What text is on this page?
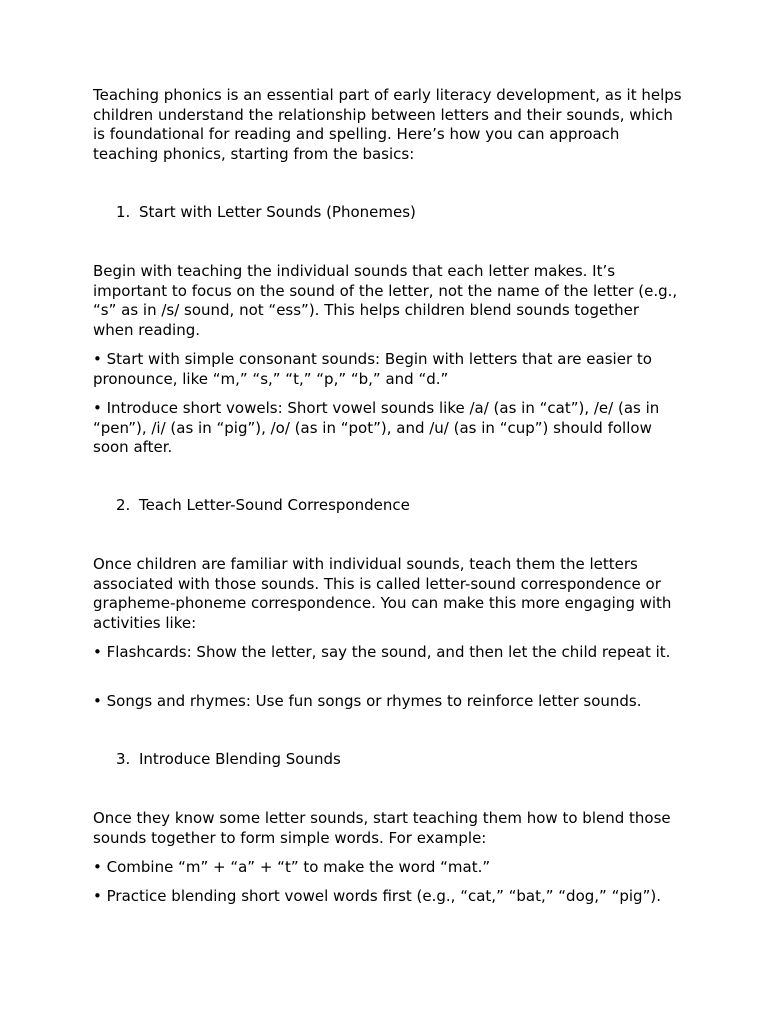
Teaching phonics is an essential part of early literacy development, as it helps children understand the relationship between letters and their sounds, which is foundational for reading and spelling. Here’s how you can approach teaching phonics, starting from the basics:

1. Start with Letter Sounds (Phonemes)

Begin with teaching the individual sounds that each letter makes. It’s important to focus on the sound of the letter, not the name of the letter (e.g., “s” as in /s/ sound, not “ess”). This helps children blend sounds together when reading.

• Start with simple consonant sounds: Begin with letters that are easier to pronounce, like “m,” “s,” “t,” “p,” “b,” and “d.”

• Introduce short vowels: Short vowel sounds like /a/ (as in “cat”), /e/ (as in “pen”), /i/ (as in “pig”), /o/ (as in “pot”), and /u/ (as in “cup”) should follow soon after.

2. Teach Letter-Sound Correspondence

Once children are familiar with individual sounds, teach them the letters associated with those sounds. This is called letter-sound correspondence or grapheme-phoneme correspondence. You can make this more engaging with activities like:

• Flashcards: Show the letter, say the sound, and then let the child repeat it.

• Songs and rhymes: Use fun songs or rhymes to reinforce letter sounds.

3. Introduce Blending Sounds

Once they know some letter sounds, start teaching them how to blend those sounds together to form simple words. For example:

• Combine “m” + “a” + “t” to make the word “mat.”

• Practice blending short vowel words first (e.g., “cat,” “bat,” “dog,” “pig”).
